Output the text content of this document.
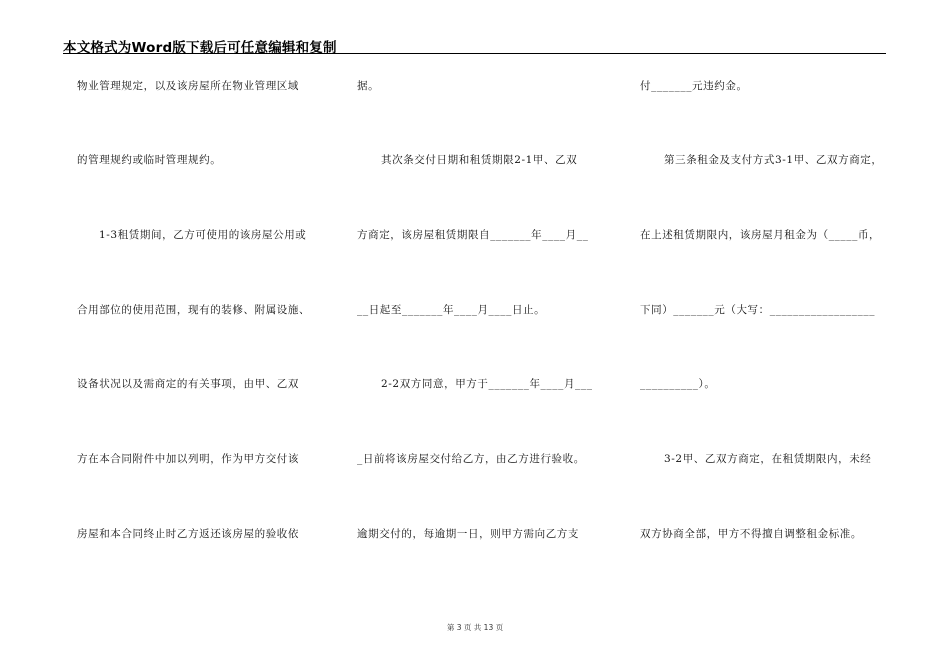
本文格式为Word版下载后可任意编辑和复制
物业管理规定，以及该房屋所在物业管理区域
的管理规约或临时管理规约。
1-3租赁期间，乙方可使用的该房屋公用或
合用部位的使用范围，现有的装修、附属设施、
设备状况以及需商定的有关事项，由甲、乙双
方在本合同附件中加以列明，作为甲方交付该
房屋和本合同终止时乙方返还该房屋的验收依
据。
其次条交付日期和租赁期限2-1甲、乙双
方商定，该房屋租赁期限自_______年____月__
__日起至_______年____月____日止。
2-2双方同意，甲方于_______年____月___
_日前将该房屋交付给乙方，由乙方进行验收。
逾期交付的，每逾期一日，则甲方需向乙方支
付_______元违约金。
第三条租金及支付方式3-1甲、乙双方商定，
在上述租赁期限内，该房屋月租金为（_____币，
下同）_______元（大写：__________________
__________）。
3-2甲、乙双方商定，在租赁期限内，未经
双方协商全部，甲方不得擅自调整租金标准。
第 3 页 共 13 页
